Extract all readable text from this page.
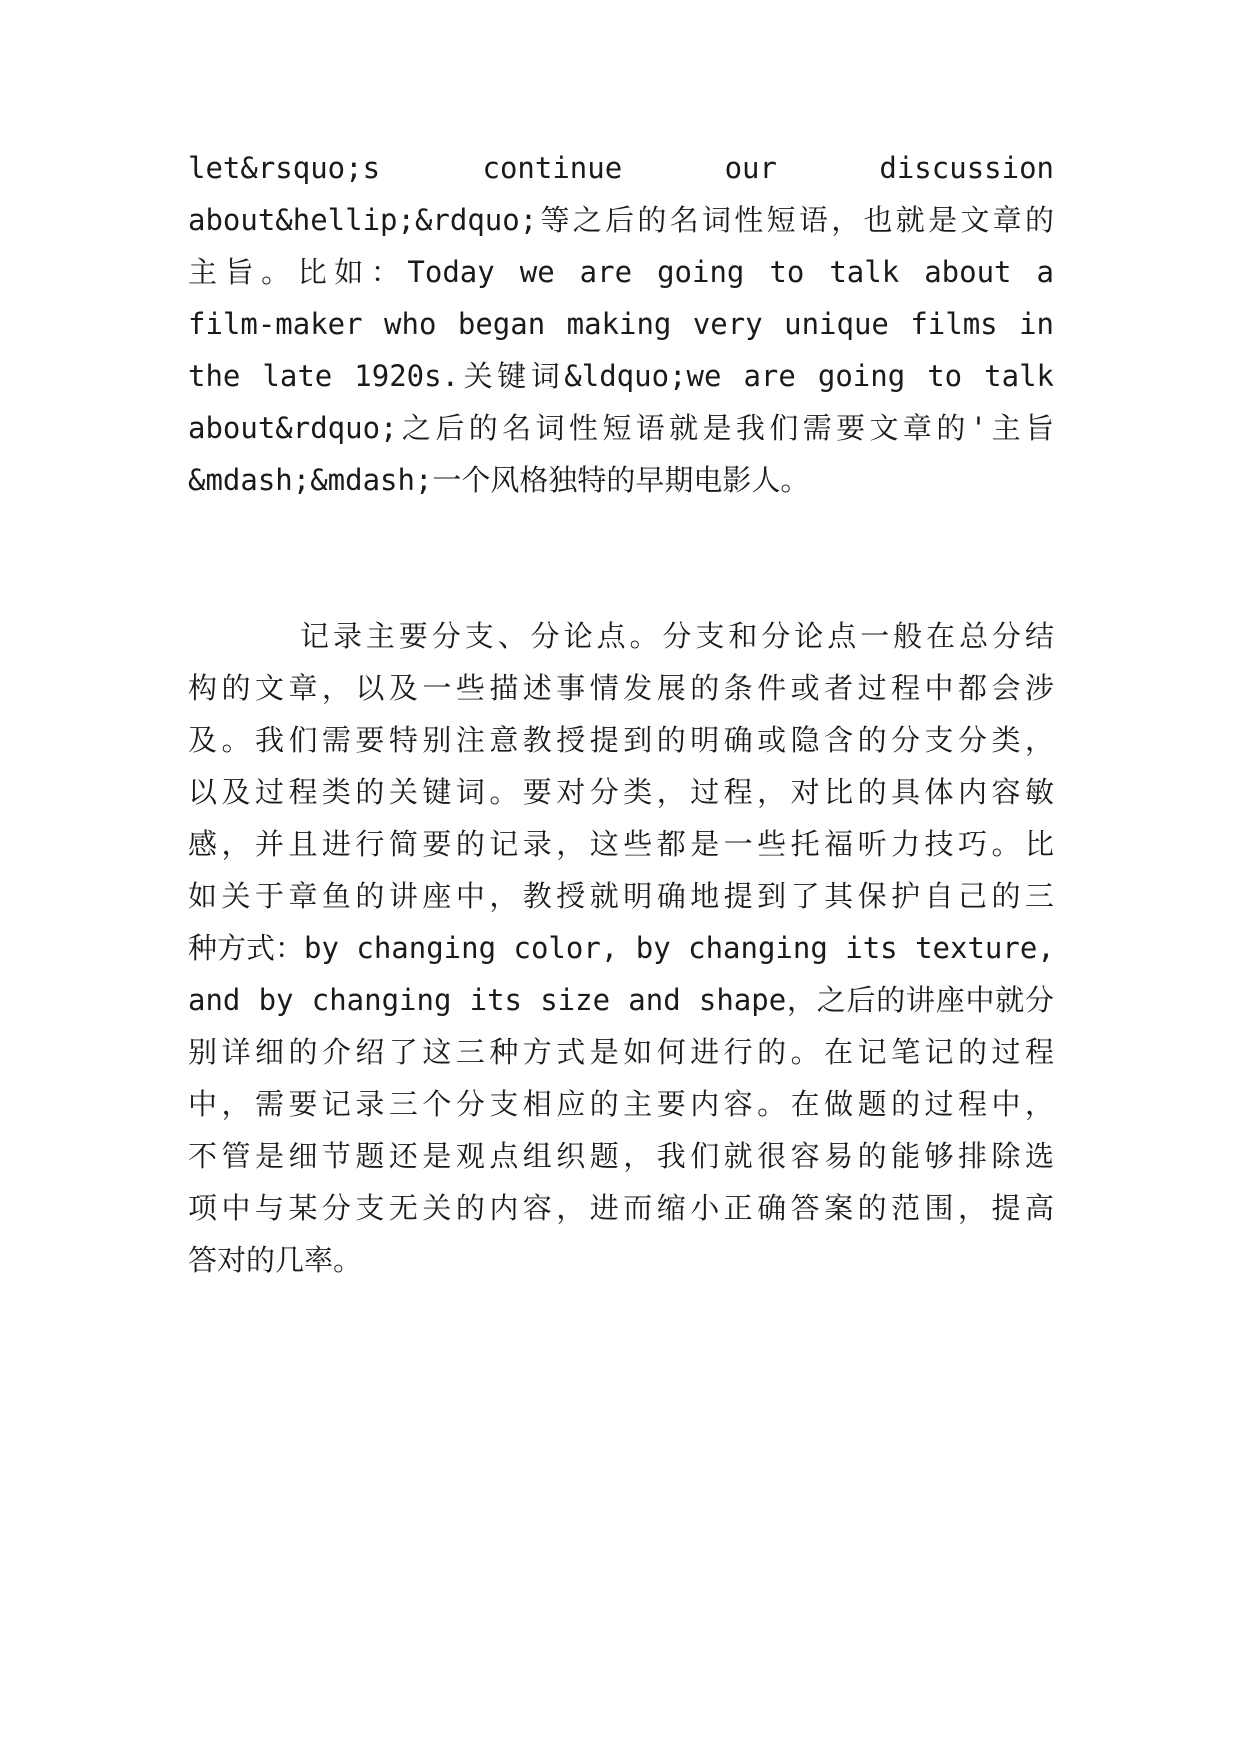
let&rsquo;s continue our discussion
about&hellip;&rdquo;等之后的名词性短语，也就是文章的
主旨。比如：Today we are going to talk about a
film-maker who began making very unique films in
the late 1920s.关键词&ldquo;we are going to talk
about&rdquo;之后的名词性短语就是我们需要文章的'主旨
&mdash;&mdash;一个风格独特的早期电影人。
记录主要分支、分论点。分支和分论点一般在总分结
构的文章，以及一些描述事情发展的条件或者过程中都会涉
及。我们需要特别注意教授提到的明确或隐含的分支分类，
以及过程类的关键词。要对分类，过程，对比的具体内容敏
感，并且进行简要的记录，这些都是一些托福听力技巧。比
如关于章鱼的讲座中，教授就明确地提到了其保护自己的三
种方式：by changing color, by changing its texture,
and by changing its size and shape，之后的讲座中就分
别详细的介绍了这三种方式是如何进行的。在记笔记的过程
中，需要记录三个分支相应的主要内容。在做题的过程中，
不管是细节题还是观点组织题，我们就很容易的能够排除选
项中与某分支无关的内容，进而缩小正确答案的范围，提高
答对的几率。
